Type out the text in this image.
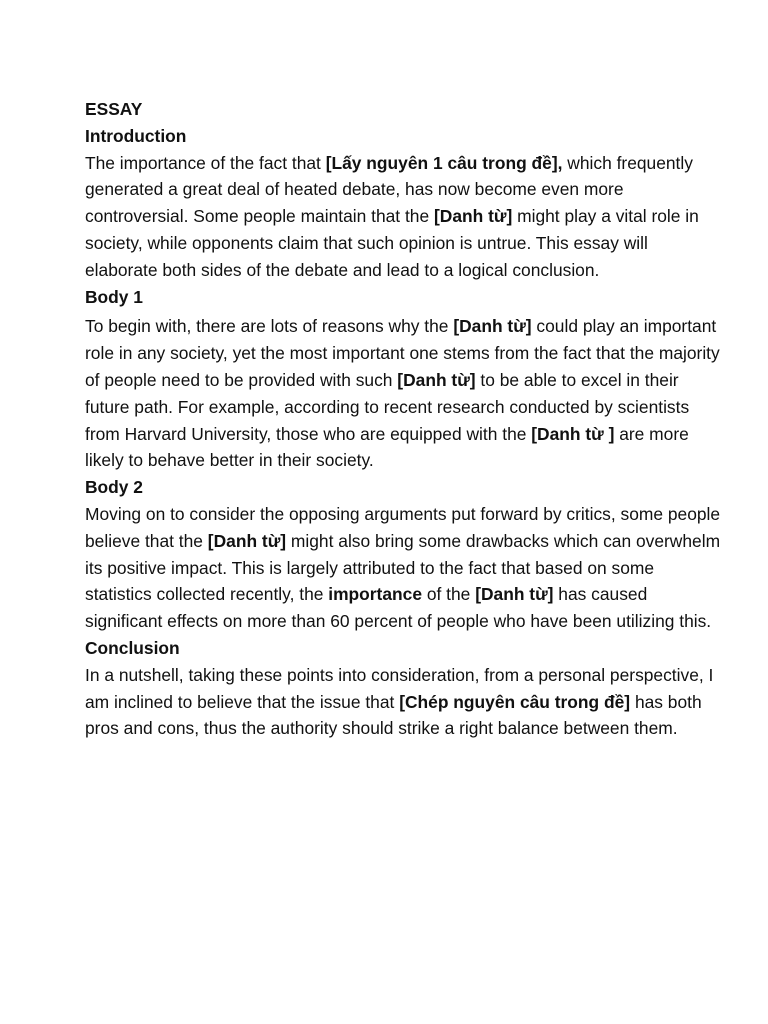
ESSAY
Introduction

The importance of the fact that [Lấy nguyên 1 câu trong đề], which frequently generated a great deal of heated debate, has now become even more controversial. Some people maintain that the [Danh từ] might play a vital role in society, while opponents claim that such opinion is untrue. This essay will elaborate both sides of the debate and lead to a logical conclusion.

Body 1

To begin with, there are lots of reasons why the [Danh từ] could play an important role in any society, yet the most important one stems from the fact that the majority of people need to be provided with such [Danh từ] to be able to excel in their future path. For example, according to recent research conducted by scientists from Harvard University, those who are equipped with the [Danh từ ] are more likely to behave better in their society.

Body 2

Moving on to consider the opposing arguments put forward by critics, some people believe that the [Danh từ] might also bring some drawbacks which can overwhelm its positive impact. This is largely attributed to the fact that based on some statistics collected recently, the importance of the [Danh từ] has caused significant effects on more than 60 percent of people who have been utilizing this.

Conclusion

In a nutshell, taking these points into consideration, from a personal perspective, I am inclined to believe that the issue that [Chép nguyên câu trong đề] has both pros and cons, thus the authority should strike a right balance between them.
